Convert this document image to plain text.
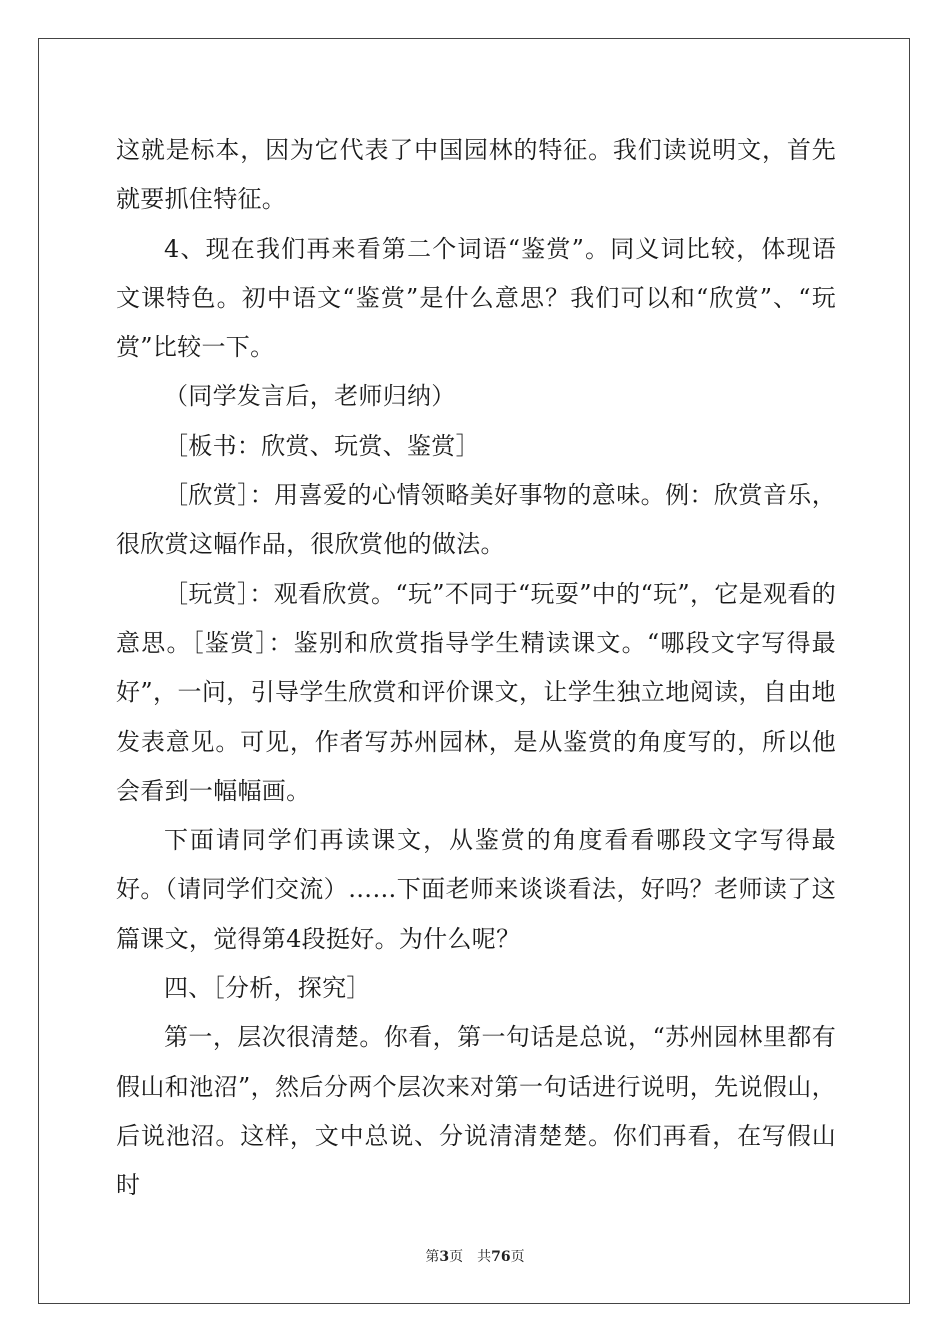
这就是标本，因为它代表了中国园林的特征。我们读说明文，首先就要抓住特征。

4、现在我们再来看第二个词语“鉴赏”。同义词比较，体现语文课特色。初中语文“鉴赏”是什么意思？我们可以和“欣赏”、“玩赏”比较一下。

（同学发言后，老师归纳）

［板书：欣赏、玩赏、鉴赏］

［欣赏］：用喜爱的心情领略美好事物的意味。例：欣赏音乐，很欣赏这幅作品，很欣赏他的做法。

［玩赏］：观看欣赏。“玩”不同于“玩耍”中的“玩”，它是观看的意思。［鉴赏］：鉴别和欣赏指导学生精读课文。“哪段文字写得最好”，一问，引导学生欣赏和评价课文，让学生独立地阅读，自由地发表意见。可见，作者写苏州园林，是从鉴赏的角度写的，所以他会看到一幅幅画。

下面请同学们再读课文，从鉴赏的角度看看哪段文字写得最好。（请同学们交流）……下面老师来谈谈看法，好吗？老师读了这篇课文，觉得第4段挺好。为什么呢？

四、［分析，探究］

第一，层次很清楚。你看，第一句话是总说，“苏州园林里都有假山和池沼”，然后分两个层次来对第一句话进行说明，先说假山，后说池沼。这样，文中总说、分说清清楚楚。你们再看，在写假山时

第3页 共76页
